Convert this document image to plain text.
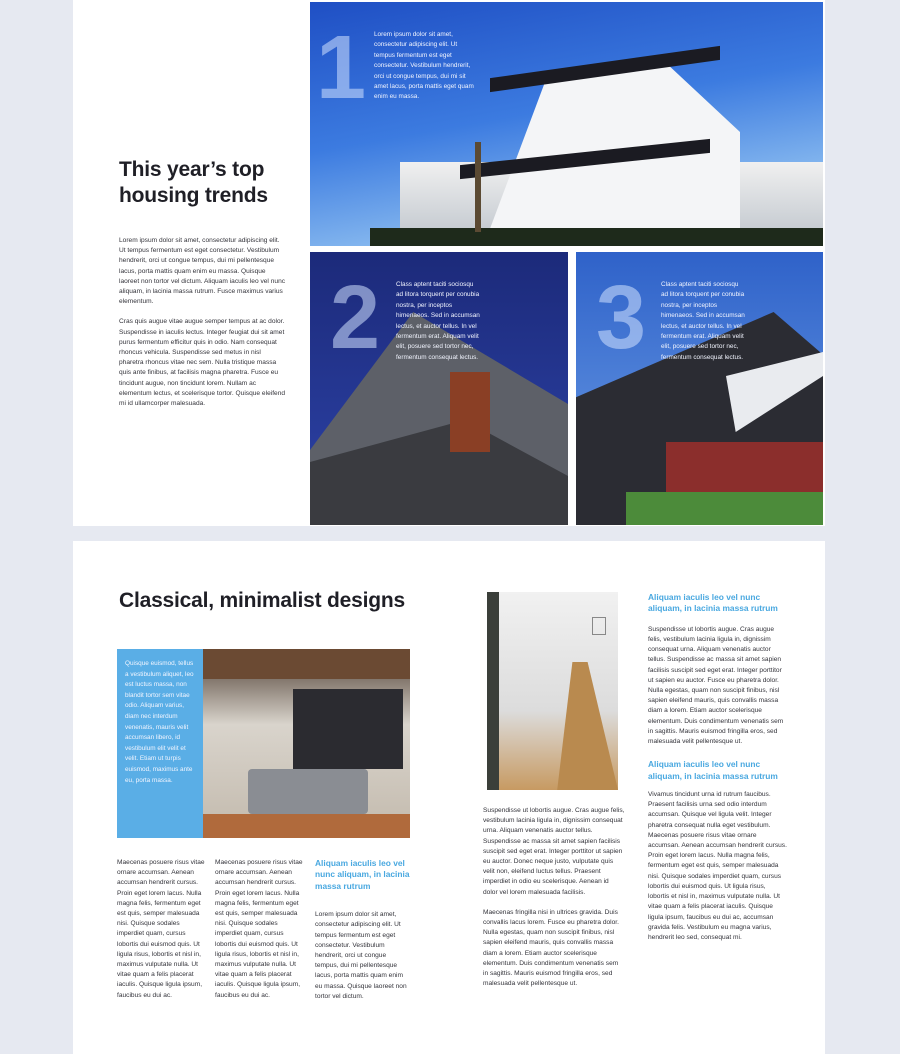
This year’s top housing trends

Lorem ipsum dolor sit amet, consectetur adipiscing elit. Ut tempus fermentum est eget consectetur. Vestibulum hendrerit, orci ut congue tempus, dui mi pellentesque lacus, porta mattis quam enim eu massa. Quisque laoreet non tortor vel dictum. Aliquam iaculis leo vel nunc aliquam, in lacinia massa rutrum. Fusce maximus varius elementum.

Cras quis augue vitae augue semper tempus at ac dolor. Suspendisse in iaculis lectus. Integer feugiat dui sit amet purus fermentum efficitur quis in odio. Nam consequat rhoncus vehicula. Suspendisse sed metus in nisl pharetra rhoncus vitae nec sem. Nulla tristique massa quis ante finibus, at facilisis magna pharetra. Fusce eu tincidunt augue, non tincidunt lorem. Nullam ac elementum lectus, et scelerisque tortor. Quisque eleifend mi id ullamcorper malesuada.

1 Lorem ipsum dolor sit amet, consectetur adipiscing elit. Ut tempus fermentum est eget consectetur. Vestibulum hendrerit, orci ut congue tempus, dui mi sit amet lacus, porta mattis eget quam enim eu massa.
2 Class aptent taciti sociosqu ad litora torquent per conubia nostra, per inceptos himenaeos. Sed in accumsan lectus, et auctor tellus. In vel fermentum erat. Aliquam velit elit, posuere sed tortor nec, fermentum consequat lectus. 3 Class aptent taciti sociosqu ad litora torquent per conubia nostra, per inceptos himenaeos. Sed in accumsan lectus, et auctor tellus. In vel fermentum erat. Aliquam velit elit, posuere sed tortor nec, fermentum consequat lectus.
Classical, minimalist designs
Quisque euismod, tellus a vestibulum aliquet, leo est luctus massa, non blandit tortor sem vitae odio. Aliquam varius, diam nec interdum venenatis, mauris velit accumsan libero, id vestibulum elit velit et velit. Etiam ut turpis euismod, maximus ante eu, porta massa.
Maecenas posuere risus vitae ornare accumsan. Aenean accumsan hendrerit cursus. Proin eget lorem lacus. Nulla magna felis, fermentum eget est quis, semper malesuada nisi. Quisque sodales imperdiet quam, cursus lobortis dui euismod quis. Ut ligula risus, lobortis et nisl in, maximus vulputate nulla. Ut vitae quam a felis placerat iaculis. Quisque ligula ipsum, faucibus eu dui ac.
Maecenas posuere risus vitae ornare accumsan. Aenean accumsan hendrerit cursus. Proin eget lorem lacus. Nulla magna felis, fermentum eget est quis, semper malesuada nisi. Quisque sodales imperdiet quam, cursus lobortis dui euismod quis. Ut ligula risus, lobortis et nisl in, maximus vulputate nulla. Ut vitae quam a felis placerat iaculis. Quisque ligula ipsum, faucibus eu dui ac.
Aliquam iaculis leo vel nunc aliquam, in lacinia massa rutrum
Lorem ipsum dolor sit amet, consectetur adipiscing elit. Ut tempus fermentum est eget consectetur. Vestibulum hendrerit, orci ut congue tempus, dui mi pellentesque lacus, porta mattis quam enim eu massa. Quisque laoreet non tortor vel dictum.

Suspendisse ut lobortis augue. Cras augue felis, vestibulum lacinia ligula in, dignissim consequat urna. Aliquam venenatis auctor tellus. Suspendisse ac massa sit amet sapien facilisis suscipit sed eget erat. Integer porttitor ut sapien eu auctor. Donec neque justo, vulputate quis velit non, eleifend luctus tellus. Praesent imperdiet in odio eu scelerisque. Aenean id dolor vel lorem malesuada facilisis.

Maecenas fringilla nisi in ultrices gravida. Duis convallis lacus lorem. Fusce eu pharetra dolor. Nulla egestas, quam non suscipit finibus, nisl sapien eleifend mauris, quis convallis massa diam a lorem. Etiam auctor scelerisque elementum. Duis condimentum venenatis sem in sagittis. Mauris euismod fringilla eros, sed malesuada velit pellentesque ut.

Aliquam iaculis leo vel nunc aliquam, in lacinia massa rutrum
Suspendisse ut lobortis augue. Cras augue felis, vestibulum lacinia ligula in, dignissim consequat urna. Aliquam venenatis auctor tellus. Suspendisse ac massa sit amet sapien facilisis suscipit sed eget erat. Integer porttitor ut sapien eu auctor. Fusce eu pharetra dolor. Nulla egestas, quam non suscipit finibus, nisl sapien eleifend mauris, quis convallis massa diam a lorem. Etiam auctor scelerisque elementum. Duis condimentum venenatis sem in sagittis. Mauris euismod fringilla eros, sed malesuada velit pellentesque ut.
Aliquam iaculis leo vel nunc aliquam, in lacinia massa rutrum
Vivamus tincidunt urna id rutrum faucibus. Praesent facilisis urna sed odio interdum accumsan. Quisque vel ligula velit. Integer pharetra consequat nulla eget vestibulum. Maecenas posuere risus vitae ornare accumsan. Aenean accumsan hendrerit cursus. Proin eget lorem lacus. Nulla magna felis, fermentum eget est quis, semper malesuada nisi. Quisque sodales imperdiet quam, cursus lobortis dui euismod quis. Ut ligula risus, lobortis et nisl in, maximus vulputate nulla. Ut vitae quam a felis placerat iaculis. Quisque ligula ipsum, faucibus eu dui ac, accumsan gravida felis. Vestibulum eu magna varius, hendrerit leo sed, consequat mi.
